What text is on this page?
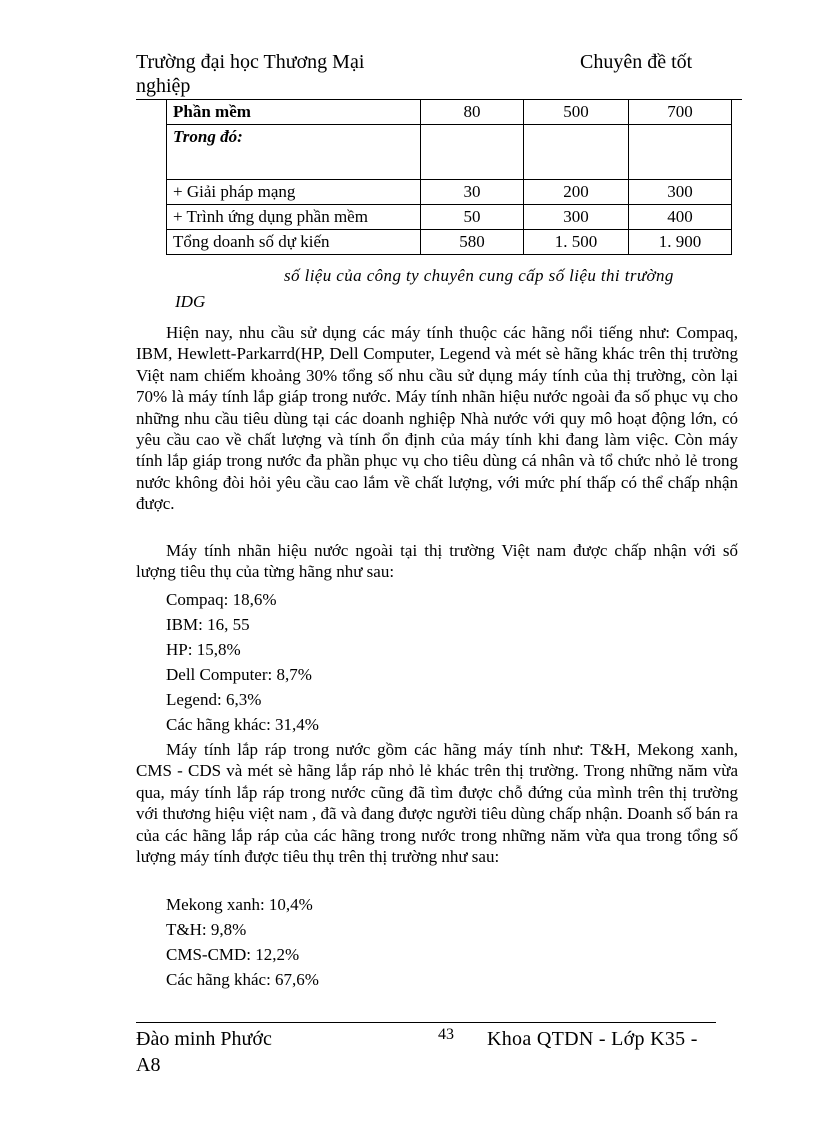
Trường đại học Thương Mại	Chuyên đề tốt
nghiệp
Phần mềm	80	500	700
Trong đó:			
+ Giải pháp mạng	30	200	300
+ Trình ứng dụng phần mềm	50	300	400
Tổng doanh số dự kiến	580	1. 500	1. 900
số liệu của công ty chuyên cung cấp số liệu thi trường
IDG

Hiện nay, nhu cầu sử dụng các máy tính thuộc các hãng nổi tiếng như: Compaq, IBM, Hewlett-Parkarrd(HP, Dell Computer, Legend và mét sè hãng khác trên thị trường Việt nam chiếm khoảng 30% tổng số nhu cầu sử dụng máy tính của thị trường, còn lại 70% là máy tính lắp giáp trong nước. Máy tính nhãn hiệu nước ngoài đa số phục vụ cho những nhu cầu tiêu dùng tại các doanh nghiệp Nhà nước với quy mô hoạt động lớn, có yêu cầu cao về chất lượng và tính ổn định của máy tính khi đang làm việc. Còn máy tính lắp giáp trong nước đa phần phục vụ cho tiêu dùng cá nhân và tổ chức nhỏ lẻ trong nước không đòi hỏi yêu cầu cao lắm về chất lượng, với mức phí thấp có thể chấp nhận được.

Máy tính nhãn hiệu nước ngoài tại thị trường Việt nam được chấp nhận với số lượng tiêu thụ của từng hãng như sau:

Compaq: 18,6%
IBM: 16, 55
HP: 15,8%
Dell Computer: 8,7%
Legend: 6,3%
Các hãng khác: 31,4%

Máy tính lắp ráp trong nước gồm các hãng máy tính như: T&H, Mekong xanh, CMS - CDS và mét sè hãng lắp ráp nhỏ lẻ khác trên thị trường. Trong những năm vừa qua, máy tính lắp ráp trong nước cũng đã tìm được chỗ đứng của mình trên thị trường với thương hiệu việt nam , đã và đang được người tiêu dùng chấp nhận. Doanh số bán ra của các hãng lắp ráp của các hãng trong nước trong những năm vừa qua trong tổng số lượng máy tính được tiêu thụ trên thị trường như sau:

Mekong xanh: 10,4%
T&H: 9,8%
CMS-CMD: 12,2%
Các hãng khác: 67,6%
Đào minh Phước
A8
43 Khoa QTDN - Lớp K35 -
